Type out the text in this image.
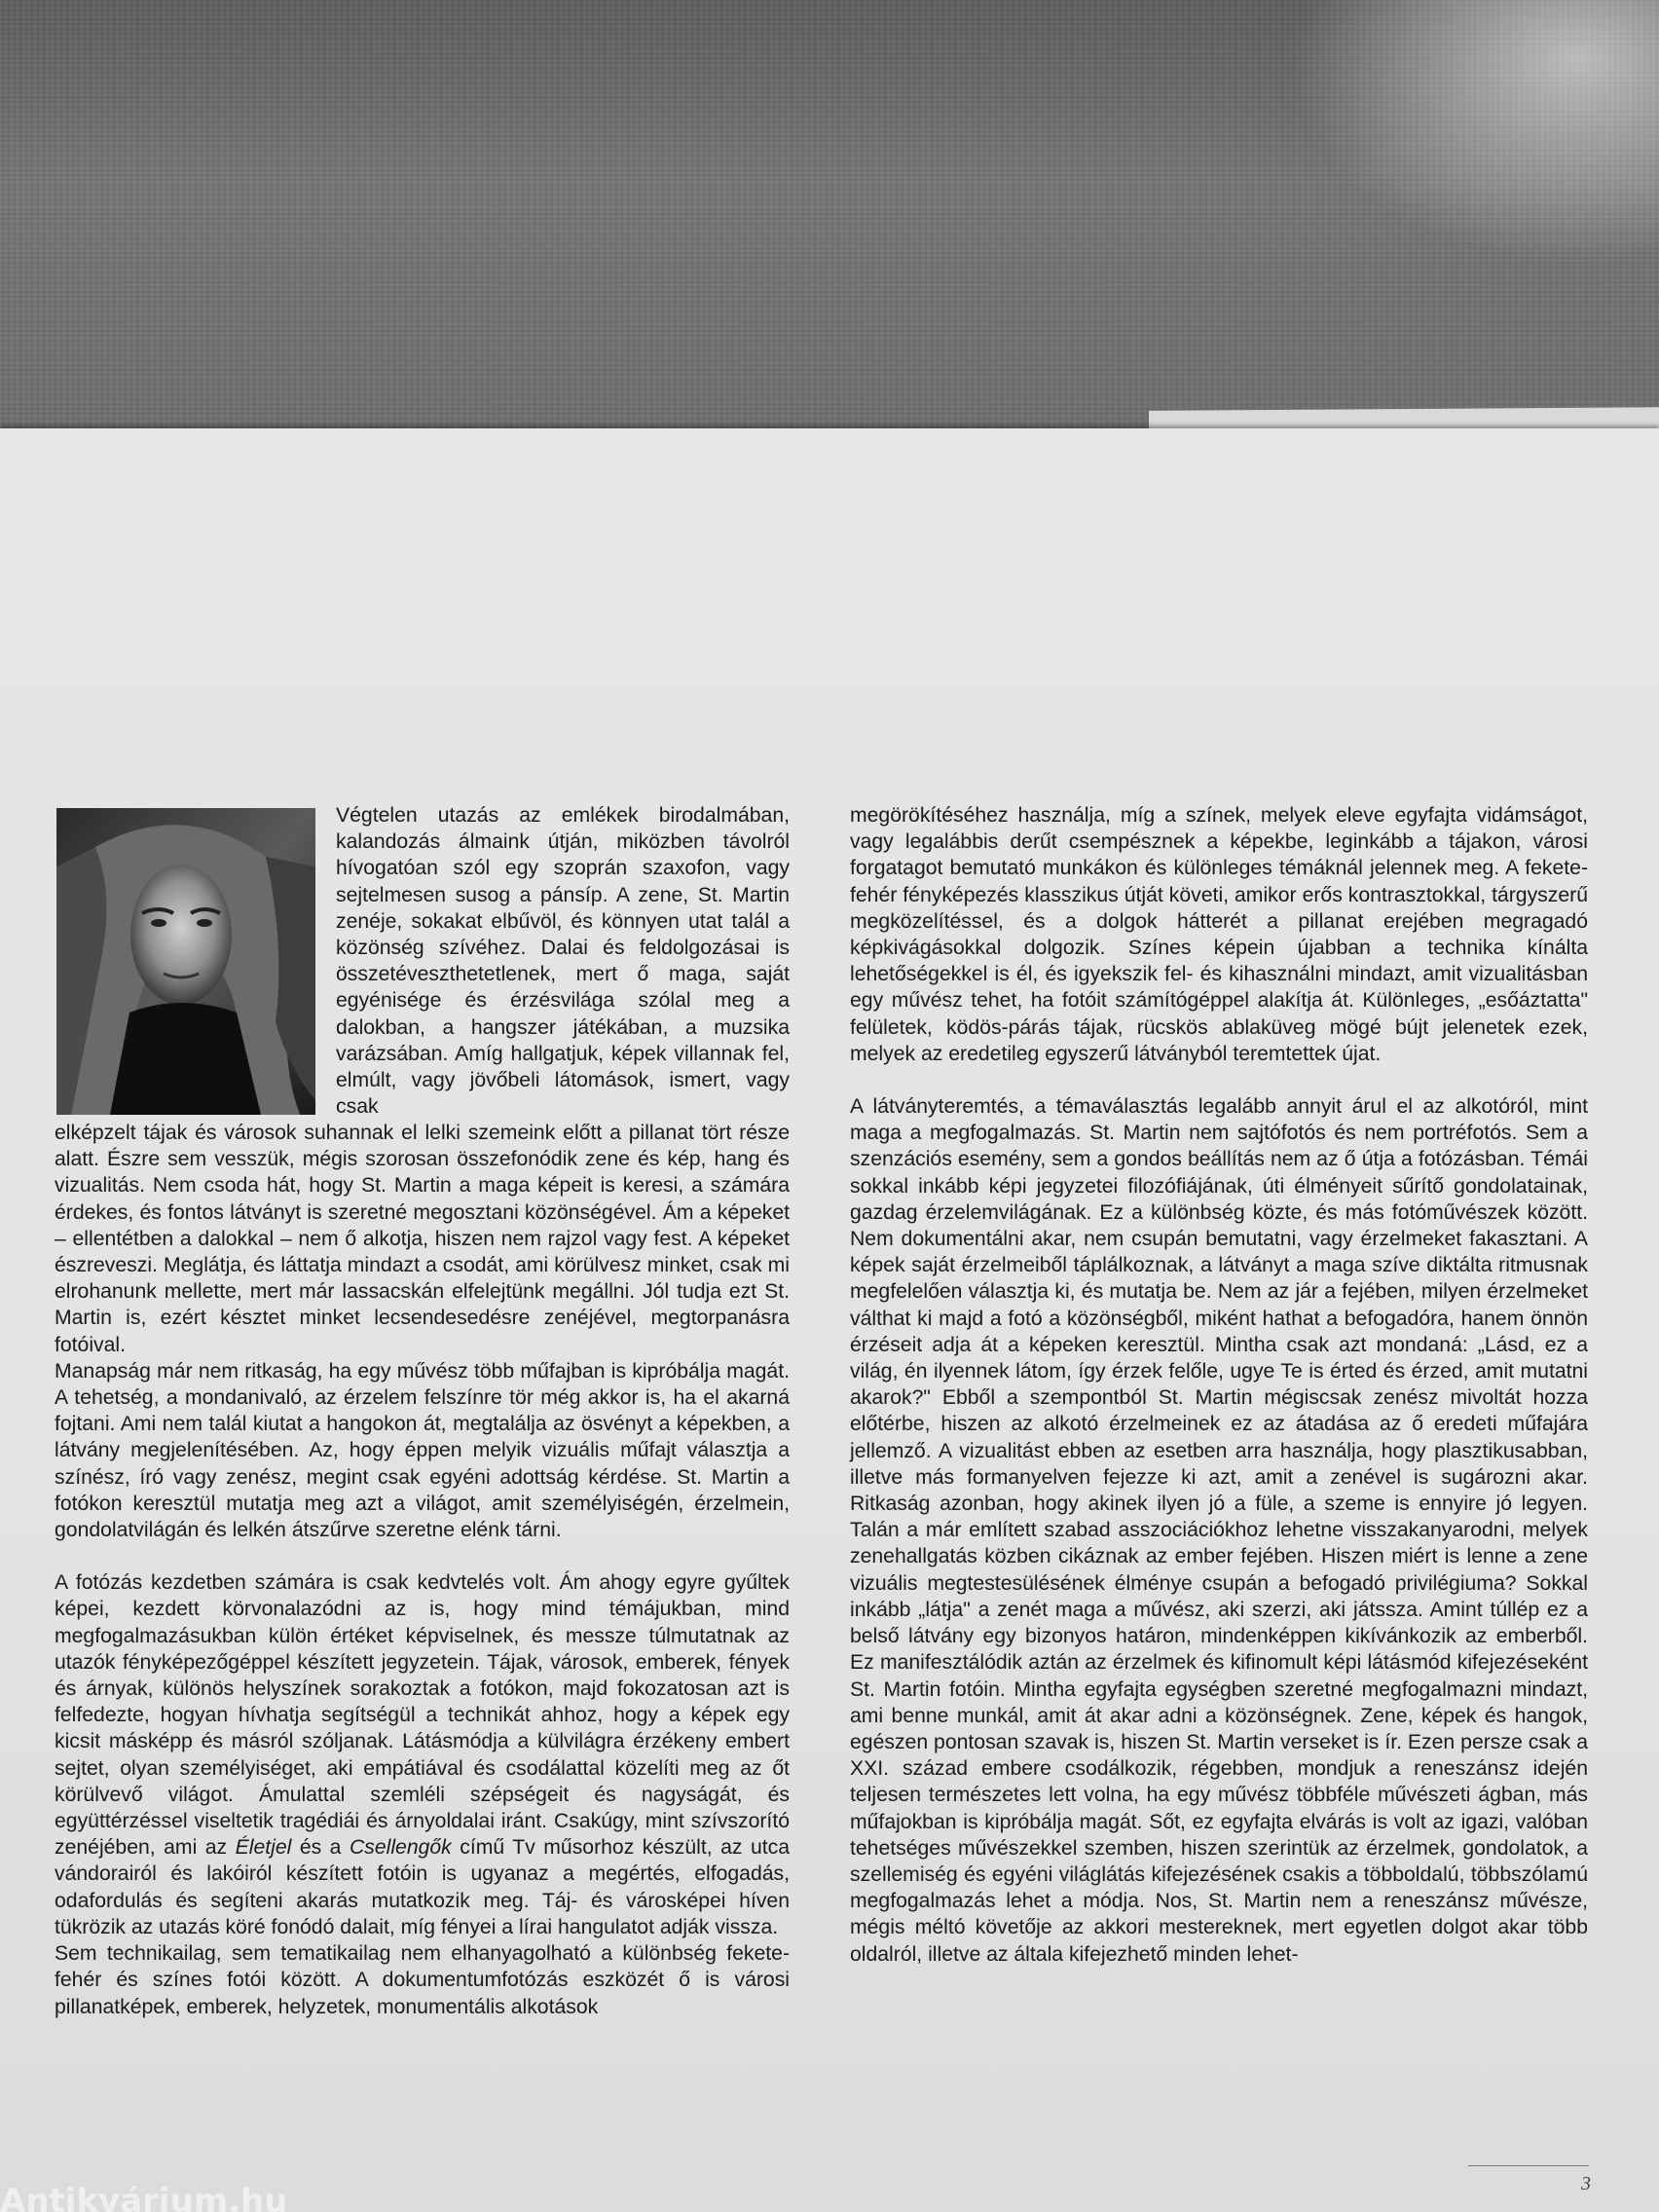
Végtelen utazás az emlékek birodalmában, kalandozás álmaink útján, miközben távolról hívogatóan szól egy szoprán szaxofon, vagy sejtelmesen susog a pánsíp. A zene, St. Martin zenéje, sokakat elbűvöl, és könnyen utat talál a közönség szívéhez. Dalai és feldolgozásai is összetéveszthetetlenek, mert ő maga, saját egyénisége és érzésvilága szólal meg a dalokban, a hangszer játékában, a muzsika varázsában. Amíg hallgatjuk, képek villannak fel, elmúlt, vagy jövőbeli látomások, ismert, vagy csak

elképzelt tájak és városok suhannak el lelki szemeink előtt a pillanat tört része alatt. Észre sem vesszük, mégis szorosan összefonódik zene és kép, hang és vizualitás. Nem csoda hát, hogy St. Martin a maga képeit is keresi, a számára érdekes, és fontos látványt is szeretné megosztani közönségével. Ám a képeket – ellentétben a dalokkal – nem ő alkotja, hiszen nem rajzol vagy fest. A képeket észreveszi. Meglátja, és láttatja mindazt a csodát, ami körülvesz minket, csak mi elrohanunk mellette, mert már lassacskán elfelejtünk megállni. Jól tudja ezt St. Martin is, ezért késztet minket lecsendesedésre zenéjével, megtorpanásra fotóival.

Manapság már nem ritkaság, ha egy művész több műfajban is kipróbálja magát. A tehetség, a mondanivaló, az érzelem felszínre tör még akkor is, ha el akarná fojtani. Ami nem talál kiutat a hangokon át, megtalálja az ösvényt a képekben, a látvány megjelenítésében. Az, hogy éppen melyik vizuális műfajt választja a színész, író vagy zenész, megint csak egyéni adottság kérdése. St. Martin a fotókon keresztül mutatja meg azt a világot, amit személyiségén, érzelmein, gondolatvilágán és lelkén átszűrve szeretne elénk tárni.

A fotózás kezdetben számára is csak kedvtelés volt. Ám ahogy egyre gyűltek képei, kezdett körvonalazódni az is, hogy mind témájukban, mind megfogalmazásukban külön értéket képviselnek, és messze túlmutatnak az utazók fényképezőgéppel készített jegyzetein. Tájak, városok, emberek, fények és árnyak, különös helyszínek sorakoztak a fotókon, majd fokozatosan azt is felfedezte, hogyan hívhatja segítségül a technikát ahhoz, hogy a képek egy kicsit másképp és másról szóljanak. Látásmódja a külvilágra érzékeny embert sejtet, olyan személyiséget, aki empátiával és csodálattal közelíti meg az őt körülvevő világot. Ámulattal szemléli szépségeit és nagyságát, és együttérzéssel viseltetik tragédiái és árnyoldalai iránt. Csakúgy, mint szívszorító zenéjében, ami az Életjel és a Csellengők című Tv műsorhoz készült, az utca vándorairól és lakóiról készített fotóin is ugyanaz a megértés, elfogadás, odafordulás és segíteni akarás mutatkozik meg. Táj- és városképei híven tükrözik az utazás köré fonódó dalait, míg fényei a lírai hangulatot adják vissza.

Sem technikailag, sem tematikailag nem elhanyagolható a különbség fekete-fehér és színes fotói között. A dokumentumfotózás eszközét ő is városi pillanatképek, emberek, helyzetek, monumentális alkotások

megörökítéséhez használja, míg a színek, melyek eleve egyfajta vidámságot, vagy legalábbis derűt csempésznek a képekbe, leginkább a tájakon, városi forgatagot bemutató munkákon és különleges témáknál jelennek meg. A fekete-fehér fényképezés klasszikus útját követi, amikor erős kontrasztokkal, tárgyszerű megközelítéssel, és a dolgok hátterét a pillanat erejében megragadó képkivágásokkal dolgozik. Színes képein újabban a technika kínálta lehetőségekkel is él, és igyekszik fel- és kihasználni mindazt, amit vizualitásban egy művész tehet, ha fotóit számítógéppel alakítja át. Különleges, „esőáztatta" felületek, ködös-párás tájak, rücskös ablaküveg mögé bújt jelenetek ezek, melyek az eredetileg egyszerű látványból teremtettek újat.

A látványteremtés, a témaválasztás legalább annyit árul el az alkotóról, mint maga a megfogalmazás. St. Martin nem sajtófotós és nem portréfotós. Sem a szenzációs esemény, sem a gondos beállítás nem az ő útja a fotózásban. Témái sokkal inkább képi jegyzetei filozófiájának, úti élményeit sűrítő gondolatainak, gazdag érzelemvilágának. Ez a különbség közte, és más fotóművészek között. Nem dokumentálni akar, nem csupán bemutatni, vagy érzelmeket fakasztani. A képek saját érzelmeiből táplálkoznak, a látványt a maga szíve diktálta ritmusnak megfelelően választja ki, és mutatja be. Nem az jár a fejében, milyen érzelmeket válthat ki majd a fotó a közönségből, miként hathat a befogadóra, hanem önnön érzéseit adja át a képeken keresztül. Mintha csak azt mondaná: „Lásd, ez a világ, én ilyennek látom, így érzek felőle, ugye Te is érted és érzed, amit mutatni akarok?" Ebből a szempontból St. Martin mégiscsak zenész mivoltát hozza előtérbe, hiszen az alkotó érzelmeinek ez az átadása az ő eredeti műfajára jellemző. A vizualitást ebben az esetben arra használja, hogy plasztikusabban, illetve más formanyelven fejezze ki azt, amit a zenével is sugározni akar. Ritkaság azonban, hogy akinek ilyen jó a füle, a szeme is ennyire jó legyen. Talán a már említett szabad asszociációkhoz lehetne visszakanyarodni, melyek zenehallgatás közben cikáznak az ember fejében. Hiszen miért is lenne a zene vizuális megtestesülésének élménye csupán a befogadó privilégiuma? Sokkal inkább „látja" a zenét maga a művész, aki szerzi, aki játssza. Amint túllép ez a belső látvány egy bizonyos határon, mindenképpen kikívánkozik az emberből. Ez manifesztálódik aztán az érzelmek és kifinomult képi látásmód kifejezéseként St. Martin fotóin. Mintha egyfajta egységben szeretné megfogalmazni mindazt, ami benne munkál, amit át akar adni a közönségnek. Zene, képek és hangok, egészen pontosan szavak is, hiszen St. Martin verseket is ír. Ezen persze csak a XXI. század embere csodálkozik, régebben, mondjuk a reneszánsz idején teljesen természetes lett volna, ha egy művész többféle művészeti ágban, más műfajokban is kipróbálja magát. Sőt, ez egyfajta elvárás is volt az igazi, valóban tehetséges művészekkel szemben, hiszen szerintük az érzelmek, gondolatok, a szellemiség és egyéni világlátás kifejezésének csakis a többoldalú, többszólamú megfogalmazás lehet a módja. Nos, St. Martin nem a reneszánsz művésze, mégis méltó követője az akkori mestereknek, mert egyetlen dolgot akar több oldalról, illetve az általa kifejezhető minden lehet-

3
Antikvárium.hu
